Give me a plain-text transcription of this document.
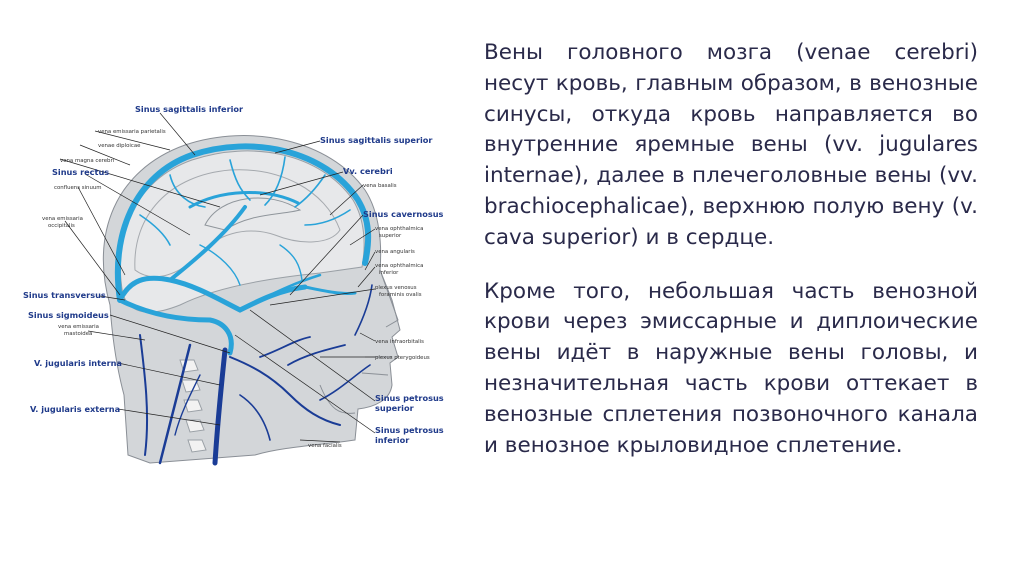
Sinus sagittalis inferior
vena emissaria parietalis
venae diploicae
vena magna cerebri
Sinus rectus
confluens sinuum
vena emissaria
occipitalis
Sinus transversus
Sinus sigmoideus
vena emissaria
mastoidea
V. jugularis interna
V. jugularis externa
Sinus sagittalis superior
Vv. cerebri
vena basalis
Sinus cavernosus
vena ophthalmica
superior
vena angularis
vena ophthalmica
inferior
plexus venosus
foraminis ovalis
vena infraorbitalis
plexus pterygoideus
Sinus petrosus
superior
Sinus petrosus
inferior
vena facialis

Вены головного мозга (venae cerebri) несут кровь, главным образом, в венозные синусы, откуда кровь направляется во внутренние яремные вены (vv. jugulares internae), далее в плечеголовные вены (vv. brachiocephalicae), верхнюю полую вену (v. cava superior) и в сердце.

Кроме того, небольшая часть венозной крови через эмиссарные и диплоические вены идёт в наружные вены головы, и незначительная часть крови оттекает в венозные сплетения позвоночного канала и венозное крыловидное сплетение.
